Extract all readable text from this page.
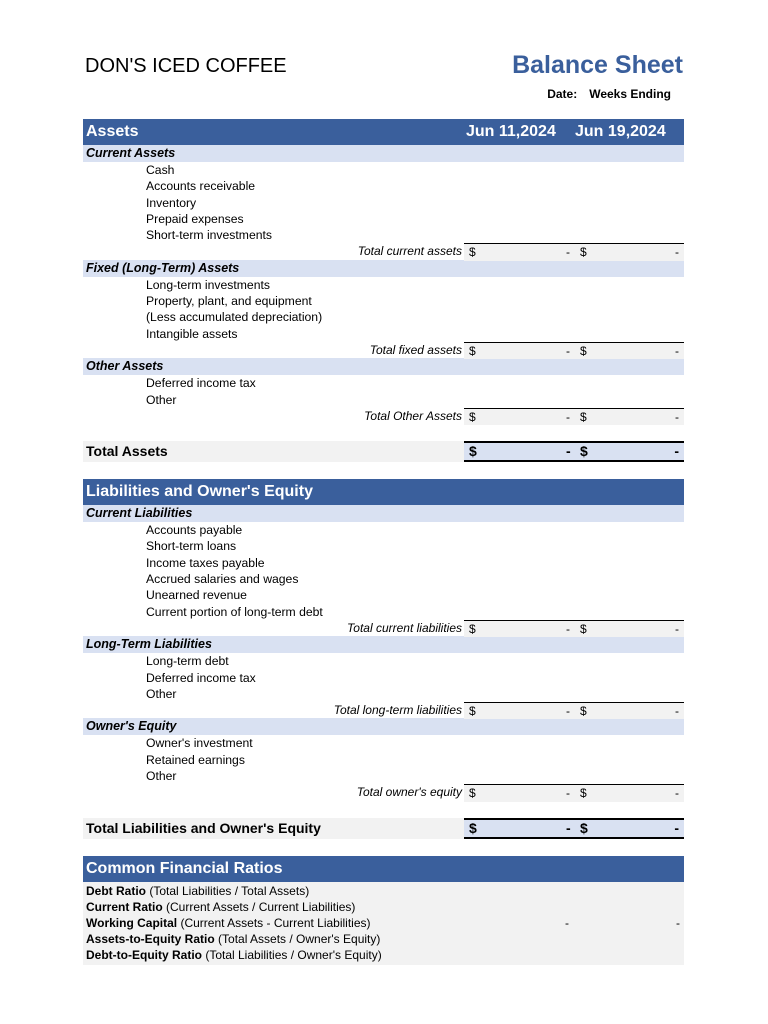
DON'S ICED COFFEE	Balance Sheet
Date: Weeks Ending
Assets	Jun 11,2024 Jun 19,2024
Current Assets
Cash
Accounts receivable
Inventory
Prepaid expenses
Short-term investments
Total current assets $	- $	-
Fixed (Long-Term) Assets
Long-term investments
Property, plant, and equipment
(Less accumulated depreciation)
Intangible assets
Total fixed assets $	- $	-
Other Assets
Deferred income tax
Other
Total Other Assets $	- $	-
Total Assets	$	- $	-
Liabilities and Owner's Equity
Current Liabilities
Accounts payable
Short-term loans
Income taxes payable
Accrued salaries and wages
Unearned revenue
Current portion of long-term debt
Total current liabilities $	- $	-
Long-Term Liabilities
Long-term debt
Deferred income tax
Other
Total long-term liabilities $	- $	-
Owner's Equity
Owner's investment
Retained earnings
Other
Total owner's equity $	- $	-
Total Liabilities and Owner's Equity	$	- $	-
Common Financial Ratios
Debt Ratio (Total Liabilities / Total Assets)
Current Ratio (Current Assets / Current Liabilities)
Working Capital (Current Assets - Current Liabilities)	-	-
Assets-to-Equity Ratio (Total Assets / Owner's Equity)
Debt-to-Equity Ratio (Total Liabilities / Owner's Equity)
